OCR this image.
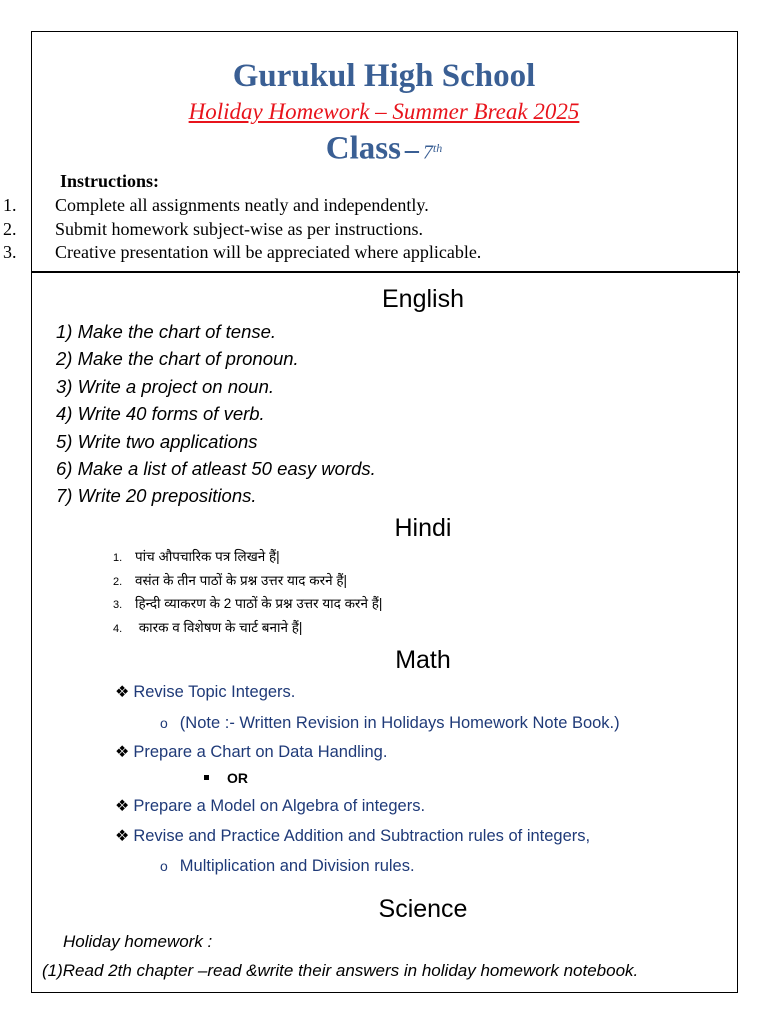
Gurukul High School
Holiday Homework – Summer Break 2025
Class – 7th
Instructions:
1. Complete all assignments neatly and independently.
2. Submit homework subject-wise as per instructions.
3. Creative presentation will be appreciated where applicable.
English
1) Make the chart of tense.
2) Make the chart of pronoun.
3) Write a project on noun.
4) Write 40 forms of verb.
5) Write two applications
6) Make a list of atleast 50 easy words.
7) Write 20 prepositions.
Hindi
1. पांच औपचारिक पत्र लिखने हैं|
2. वसंत के तीन पाठों के प्रश्न उत्तर याद करने हैं|
3. हिन्दी व्याकरण के 2 पाठों के प्रश्न उत्तर याद करने हैं|
4. कारक व विशेषण के चार्ट बनाने हैं|
Math
❖ Revise Topic Integers.
o (Note :- Written Revision in Holidays Homework Note Book.)
❖ Prepare a Chart on Data Handling.
OR
❖ Prepare a Model on Algebra of integers.
❖ Revise and Practice Addition and Subtraction rules of integers,
o Multiplication and Division rules.
Science
Holiday homework :
(1)Read 2th chapter –read &write their answers in holiday homework notebook.
